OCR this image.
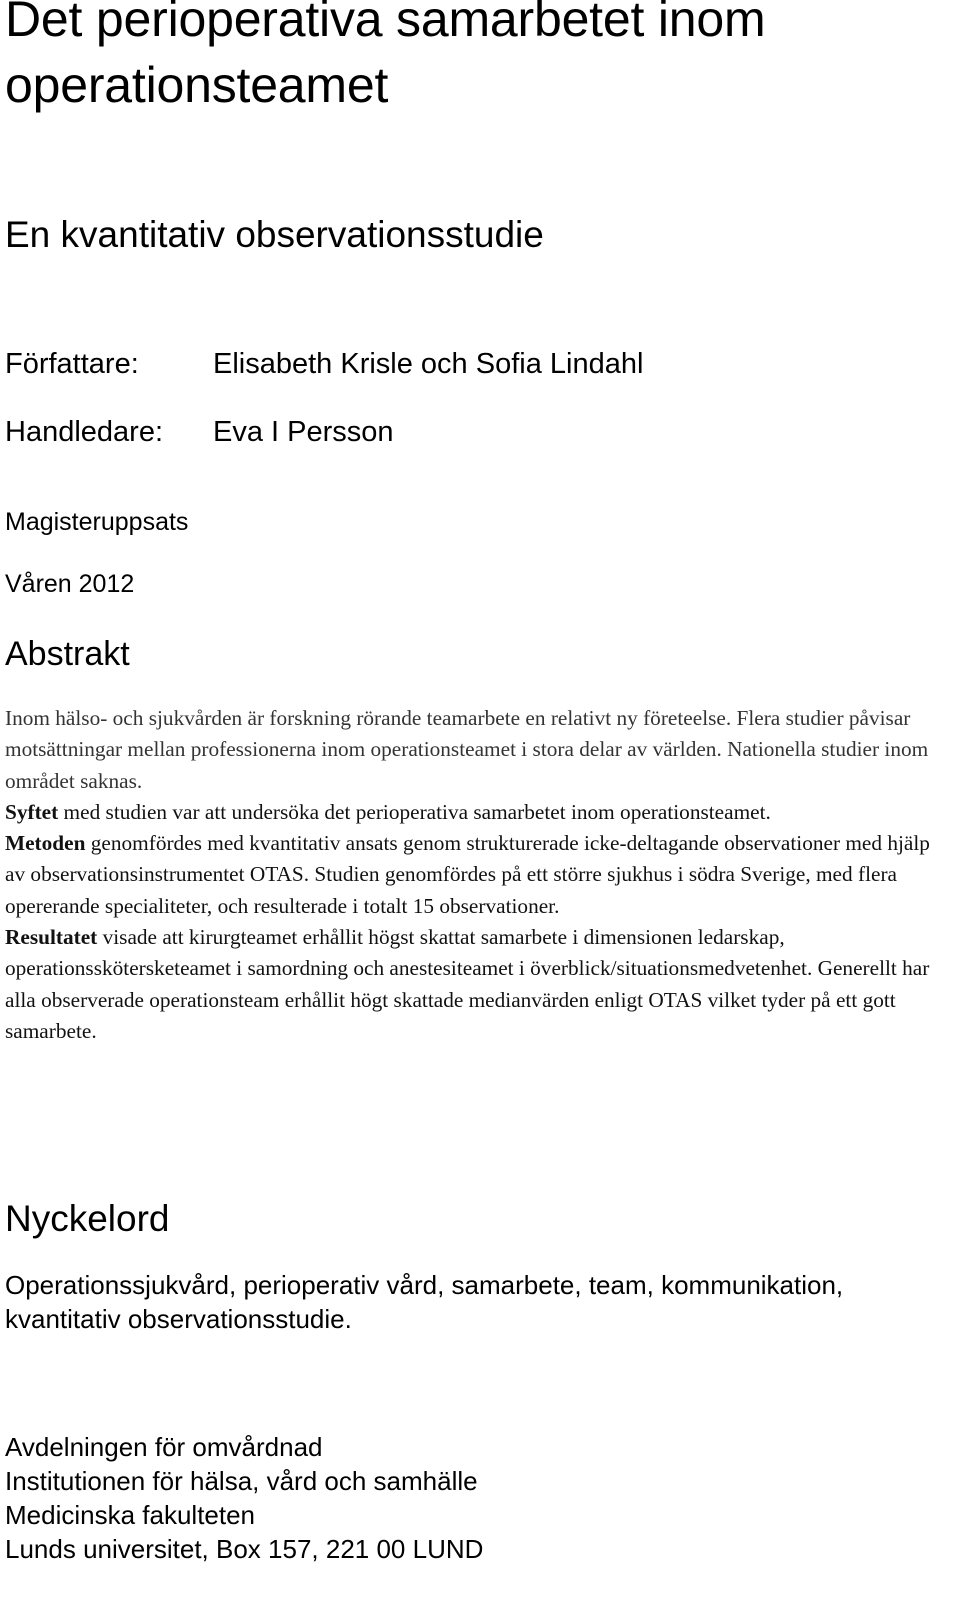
Det perioperativa samarbetet inom operationsteamet
En kvantitativ observationsstudie
Författare:	Elisabeth Krisle och Sofia Lindahl
Handledare:	Eva I Persson
Magisteruppsats
Våren 2012
Abstrakt

Inom hälso- och sjukvården är forskning rörande teamarbete en relativt ny företeelse. Flera studier påvisar motsättningar mellan professionerna inom operationsteamet i stora delar av världen. Nationella studier inom området saknas.

Syftet med studien var att undersöka det perioperativa samarbetet inom operationsteamet.

Metoden genomfördes med kvantitativ ansats genom strukturerade icke-deltagande observationer med hjälp av observationsinstrumentet OTAS. Studien genomfördes på ett större sjukhus i södra Sverige, med flera opererande specialiteter, och resulterade i totalt 15 observationer.

Resultatet visade att kirurgteamet erhållit högst skattat samarbete i dimensionen ledarskap, operationsskötersketeamet i samordning och anestesiteamet i överblick/situationsmedvetenhet. Generellt har alla observerade operationsteam erhållit högt skattade medianvärden enligt OTAS vilket tyder på ett gott samarbete.

Nyckelord

Operationssjukvård, perioperativ vård, samarbete, team, kommunikation, kvantitativ observationsstudie.

Avdelningen för omvårdnad
Institutionen för hälsa, vård och samhälle
Medicinska fakulteten
Lunds universitet, Box 157, 221 00 LUND
